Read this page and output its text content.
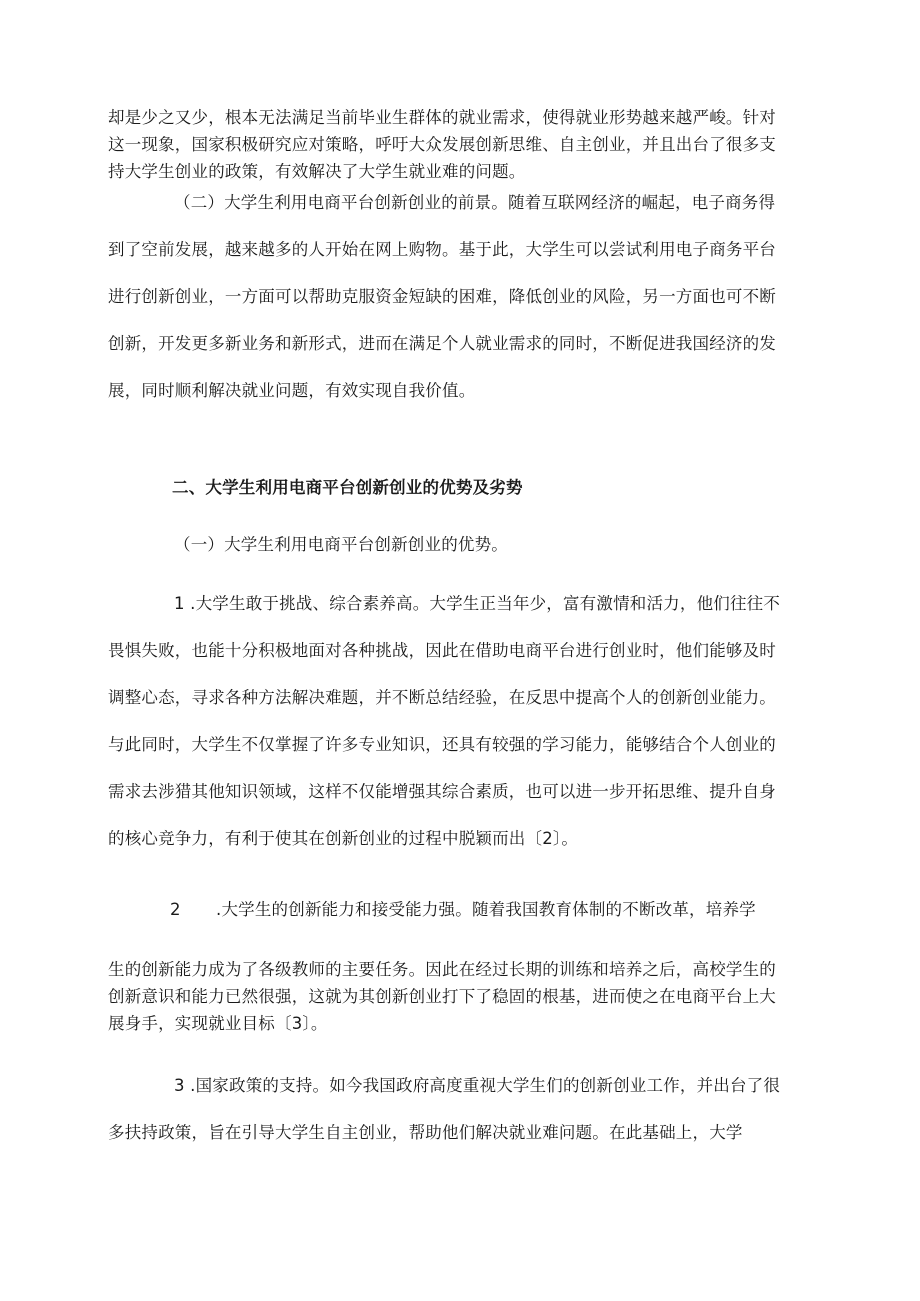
却是少之又少，根本无法满足当前毕业生群体的就业需求，使得就业形势越来越严峻。针对这一现象，国家积极研究应对策略，呼吁大众发展创新思维、自主创业，并且出台了很多支持大学生创业的政策，有效解决了大学生就业难的问题。

（二）大学生利用电商平台创新创业的前景。随着互联网经济的崛起，电子商务得到了空前发展，越来越多的人开始在网上购物。基于此，大学生可以尝试利用电子商务平台进行创新创业，一方面可以帮助克服资金短缺的困难，降低创业的风险，另一方面也可不断创新，开发更多新业务和新形式，进而在满足个人就业需求的同时，不断促进我国经济的发展，同时顺利解决就业问题，有效实现自我价值。

二、大学生利用电商平台创新创业的优势及劣势

（一）大学生利用电商平台创新创业的优势。

1 .大学生敢于挑战、综合素养高。大学生正当年少，富有激情和活力，他们往往不畏惧失败，也能十分积极地面对各种挑战，因此在借助电商平台进行创业时，他们能够及时调整心态，寻求各种方法解决难题，并不断总结经验，在反思中提高个人的创新创业能力。与此同时，大学生不仅掌握了许多专业知识，还具有较强的学习能力，能够结合个人创业的需求去涉猎其他知识领域，这样不仅能增强其综合素质，也可以进一步开拓思维、提升自身的核心竞争力，有利于使其在创新创业的过程中脱颖而出〔2〕。

2 .大学生的创新能力和接受能力强。随着我国教育体制的不断改革，培养学

生的创新能力成为了各级教师的主要任务。因此在经过长期的训练和培养之后，高校学生的创新意识和能力已然很强，这就为其创新创业打下了稳固的根基，进而使之在电商平台上大展身手，实现就业目标〔3〕。

3 .国家政策的支持。如今我国政府高度重视大学生们的创新创业工作，并出台了很多扶持政策，旨在引导大学生自主创业，帮助他们解决就业难问题。在此基础上，大学
